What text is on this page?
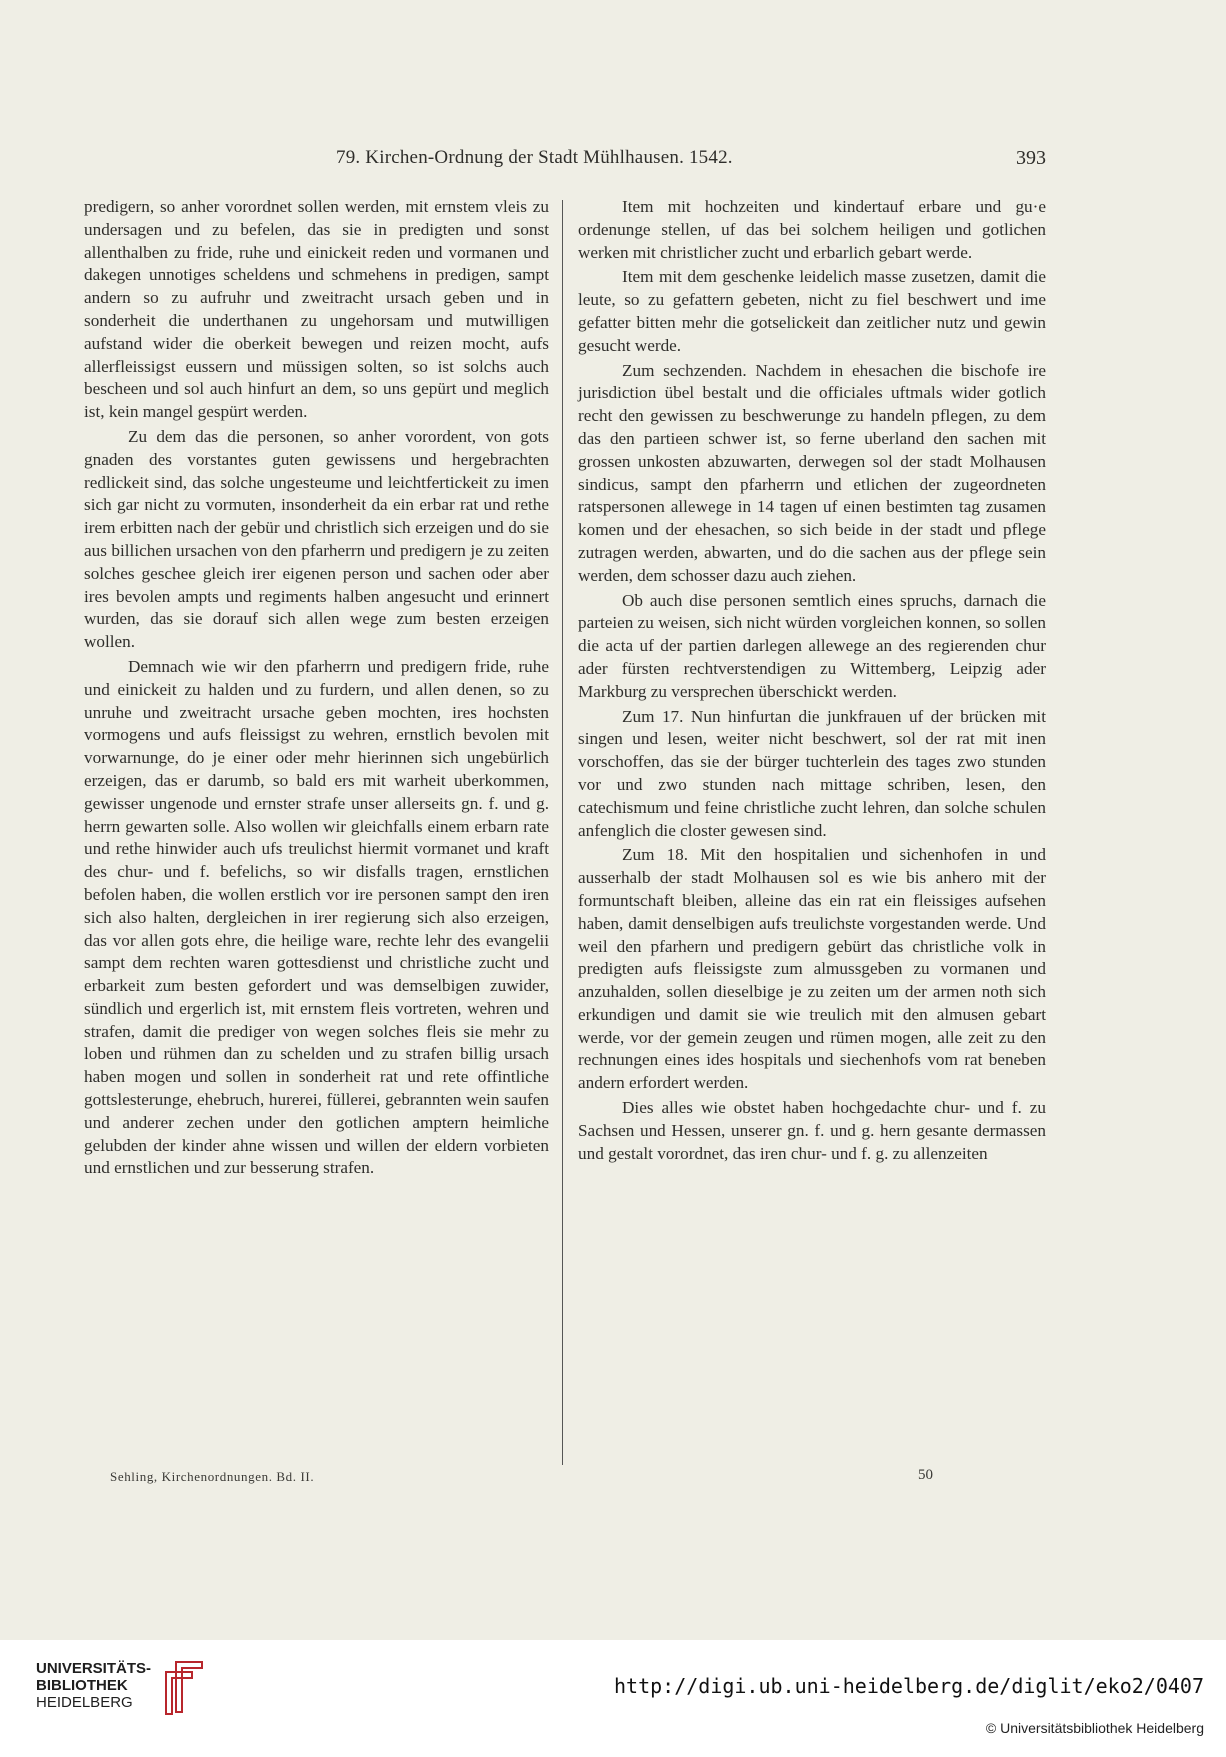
79. Kirchen-Ordnung der Stadt Mühlhausen. 1542.	393

predigern, so anher vorordnet sollen werden, mit ernstem vleis zu undersagen und zu befelen, das sie in predigten und sonst allenthalben zu fride, ruhe und einickeit reden und vormanen und dakegen unnotiges scheldens und schmehens in predigen, sampt andern so zu aufruhr und zweitracht ursach geben und in sonderheit die underthanen zu ungehorsam und mutwilligen aufstand wider die oberkeit bewegen und reizen mocht, aufs allerfleissigst eussern und müssigen solten, so ist solchs auch bescheen und sol auch hinfurt an dem, so uns gepürt und meglich ist, kein mangel gespürt werden.

Zu dem das die personen, so anher vorordent, von gots gnaden des vorstantes guten gewissens und hergebrachten redlickeit sind, das solche ungesteume und leichtfertickeit zu imen sich gar nicht zu vormuten, insonderheit da ein erbar rat und rethe irem erbitten nach der gebür und christlich sich erzeigen und do sie aus billichen ursachen von den pfarherrn und predigern je zu zeiten solches geschee gleich irer eigenen person und sachen oder aber ires bevolen ampts und regiments halben angesucht und erinnert wurden, das sie dorauf sich allen wege zum besten erzeigen wollen.

Demnach wie wir den pfarherrn und predigern fride, ruhe und einickeit zu halden und zu furdern, und allen denen, so zu unruhe und zweitracht ursache geben mochten, ires hochsten vormogens und aufs fleissigst zu wehren, ernstlich bevolen mit vorwarnunge, do je einer oder mehr hierinnen sich ungebürlich erzeigen, das er darumb, so bald ers mit warheit uberkommen, gewisser ungenode und ernster strafe unser allerseits gn. f. und g. herrn gewarten solle. Also wollen wir gleichfalls einem erbarn rate und rethe hinwider auch ufs treulichst hiermit vormanet und kraft des chur- und f. befelichs, so wir disfalls tragen, ernstlichen befolen haben, die wollen erstlich vor ire personen sampt den iren sich also halten, dergleichen in irer regierung sich also erzeigen, das vor allen gots ehre, die heilige ware, rechte lehr des evangelii sampt dem rechten waren gottesdienst und christliche zucht und erbarkeit zum besten gefordert und was demselbigen zuwider, sündlich und ergerlich ist, mit ernstem fleis vortreten, wehren und strafen, damit die prediger von wegen solches fleis sie mehr zu loben und rühmen dan zu schelden und zu strafen billig ursach haben mogen und sollen in sonderheit rat und rete offintliche gottslesterunge, ehebruch, hurerei, füllerei, gebrannten wein saufen und anderer zechen under den gotlichen amptern heimliche gelubden der kinder ahne wissen und willen der eldern vorbieten und ernstlichen und zur besserung strafen.

Item mit hochzeiten und kindertauf erbare und gu·e ordenunge stellen, uf das bei solchem heiligen und gotlichen werken mit christlicher zucht und erbarlich gebart werde.

Item mit dem geschenke leidelich masse zusetzen, damit die leute, so zu gefattern gebeten, nicht zu fiel beschwert und ime gefatter bitten mehr die gotselickeit dan zeitlicher nutz und gewin gesucht werde.

Zum sechzenden. Nachdem in ehesachen die bischofe ire jurisdiction übel bestalt und die officiales uftmals wider gotlich recht den gewissen zu beschwerunge zu handeln pflegen, zu dem das den partieen schwer ist, so ferne uberland den sachen mit grossen unkosten abzuwarten, derwegen sol der stadt Molhausen sindicus, sampt den pfarherrn und etlichen der zugeordneten ratspersonen allewege in 14 tagen uf einen bestimten tag zusamen komen und der ehesachen, so sich beide in der stadt und pflege zutragen werden, abwarten, und do die sachen aus der pflege sein werden, dem schosser dazu auch ziehen.

Ob auch dise personen semtlich eines spruchs, darnach die parteien zu weisen, sich nicht würden vorgleichen konnen, so sollen die acta uf der partien darlegen allewege an des regierenden chur ader fürsten rechtverstendigen zu Wittemberg, Leipzig ader Markburg zu versprechen überschickt werden.

Zum 17. Nun hinfurtan die junkfrauen uf der brücken mit singen und lesen, weiter nicht beschwert, sol der rat mit inen vorschoffen, das sie der bürger tuchterlein des tages zwo stunden vor und zwo stunden nach mittage schriben, lesen, den catechismum und feine christliche zucht lehren, dan solche schulen anfenglich die closter gewesen sind.

Zum 18. Mit den hospitalien und sichenhofen in und ausserhalb der stadt Molhausen sol es wie bis anhero mit der formuntschaft bleiben, alleine das ein rat ein fleissiges aufsehen haben, damit denselbigen aufs treulichste vorgestanden werde. Und weil den pfarhern und predigern gebürt das christliche volk in predigten aufs fleissigste zum almussgeben zu vormanen und anzuhalden, sollen dieselbige je zu zeiten um der armen noth sich erkundigen und damit sie wie treulich mit den almusen gebart werde, vor der gemein zeugen und rümen mogen, alle zeit zu den rechnungen eines ides hospitals und siechenhofs vom rat beneben andern erfordert werden.

Dies alles wie obstet haben hochgedachte chur- und f. zu Sachsen und Hessen, unserer gn. f. und g. hern gesante dermassen und gestalt vorordnet, das iren chur- und f. g. zu allenzeiten

Sehling, Kirchenordnungen. Bd. II.	50
UNIVERSITÄTS-
BIBLIOTHEK
HEIDELBERG
http://digi.ub.uni-heidelberg.de/diglit/eko2/0407
© Universitätsbibliothek Heidelberg
